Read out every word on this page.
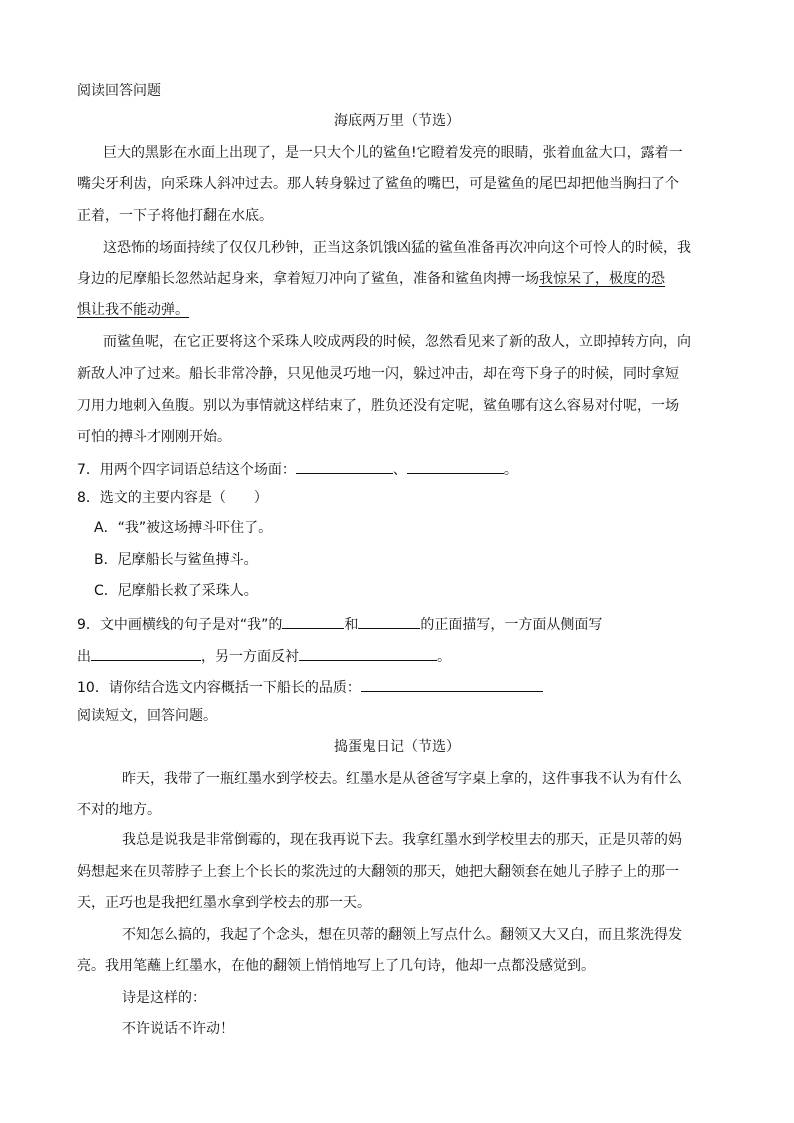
阅读回答问题
海底两万里（节选）
巨大的黑影在水面上出现了，是一只大个儿的鲨鱼!它瞪着发亮的眼睛，张着血盆大口，露着一
嘴尖牙利齿，向采珠人斜冲过去。那人转身躲过了鲨鱼的嘴巴，可是鲨鱼的尾巴却把他当胸扫了个
正着，一下子将他打翻在水底。
这恐怖的场面持续了仅仅几秒钟，正当这条饥饿凶猛的鲨鱼准备再次冲向这个可怜人的时候，我
身边的尼摩船长忽然站起身来，拿着短刀冲向了鲨鱼，准备和鲨鱼肉搏一场我惊呆了，极度的恐
惧让我不能动弹。
而鲨鱼呢，在它正要将这个采珠人咬成两段的时候，忽然看见来了新的敌人，立即掉转方向，向
新敌人冲了过来。船长非常冷静，只见他灵巧地一闪，躲过冲击，却在弯下身子的时候，同时拿短
刀用力地刺入鱼腹。别以为事情就这样结束了，胜负还没有定呢，鲨鱼哪有这么容易对付呢，一场
可怕的搏斗才刚刚开始。
7．用两个四字词语总结这个场面：	、	。
8．选文的主要内容是（　　）
A．“我”被这场搏斗吓住了。
B．尼摩船长与鲨鱼搏斗。
C．尼摩船长救了采珠人。
9．文中画横线的句子是对“我”的	和	的正面描写，一方面从侧面写
出	，另一方面反衬	。
10．请你结合选文内容概括一下船长的品质：
阅读短文，回答问题。
捣蛋鬼日记（节选）
昨天，我带了一瓶红墨水到学校去。红墨水是从爸爸写字桌上拿的，这件事我不认为有什么
不对的地方。
我总是说我是非常倒霉的，现在我再说下去。我拿红墨水到学校里去的那天，正是贝蒂的妈
妈想起来在贝蒂脖子上套上个长长的浆洗过的大翻领的那天，她把大翻领套在她儿子脖子上的那一
天，正巧也是我把红墨水拿到学校去的那一天。
不知怎么搞的，我起了个念头，想在贝蒂的翻领上写点什么。翻领又大又白，而且浆洗得发
亮。我用笔蘸上红墨水，在他的翻领上悄悄地写上了几句诗，他却一点都没感觉到。
诗是这样的：
不许说话不许动！
